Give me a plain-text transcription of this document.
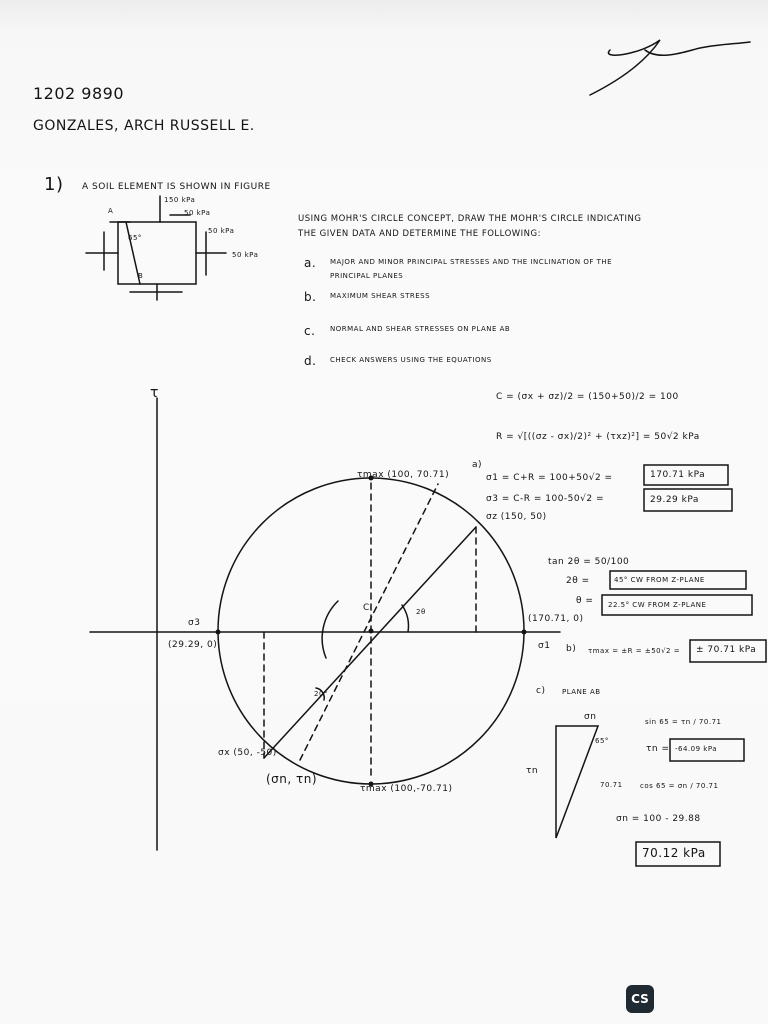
1202 9890
GONZALES, ARCH RUSSELL E.
1) A SOIL ELEMENT IS SHOWN IN FIGURE
USING MOHR'S CIRCLE CONCEPT, DRAW THE MOHR'S CIRCLE INDICATING
THE GIVEN DATA AND DETERMINE THE FOLLOWING:
a. MAJOR AND MINOR PRINCIPAL STRESSES AND THE INCLINATION OF THE
PRINCIPAL PLANES
b. MAXIMUM SHEAR STRESS
c. NORMAL AND SHEAR STRESSES ON PLANE AB
d. CHECK ANSWERS USING THE EQUATIONS
A
B
150 kPa
50 kPa
50 kPa
50 kPa
65°
τ
τmax (100, 70.71)
τmax (100,-70.71)
σz (150, 50)
σx (50, -50)
(σn, τn)
σ3
(29.29, 0)
(170.71, 0)
σ1
C	2θ
20°
C = (σx + σz)/2 = (150+50)/2 = 100
R = √[((σz - σx)/2)² + (τxz)²] = 50√2 kPa
a)
σ1 = C+R = 100+50√2 =	170.71 kPa
σ3 = C-R = 100-50√2 =	29.29 kPa
tan 2θ = 50/100
2θ =	45° CW FROM Z-PLANE
θ = 22.5° CW FROM Z-PLANE
b) τmax = ±R = ±50√2 = ± 70.71 kPa
c) PLANE AB
σn
τn
65°
70.71
sin 65 = τn / 70.71
τn = -64.09 kPa
cos 65 = σn / 70.71
σn = 100 - 29.88
70.12 kPa
CS
